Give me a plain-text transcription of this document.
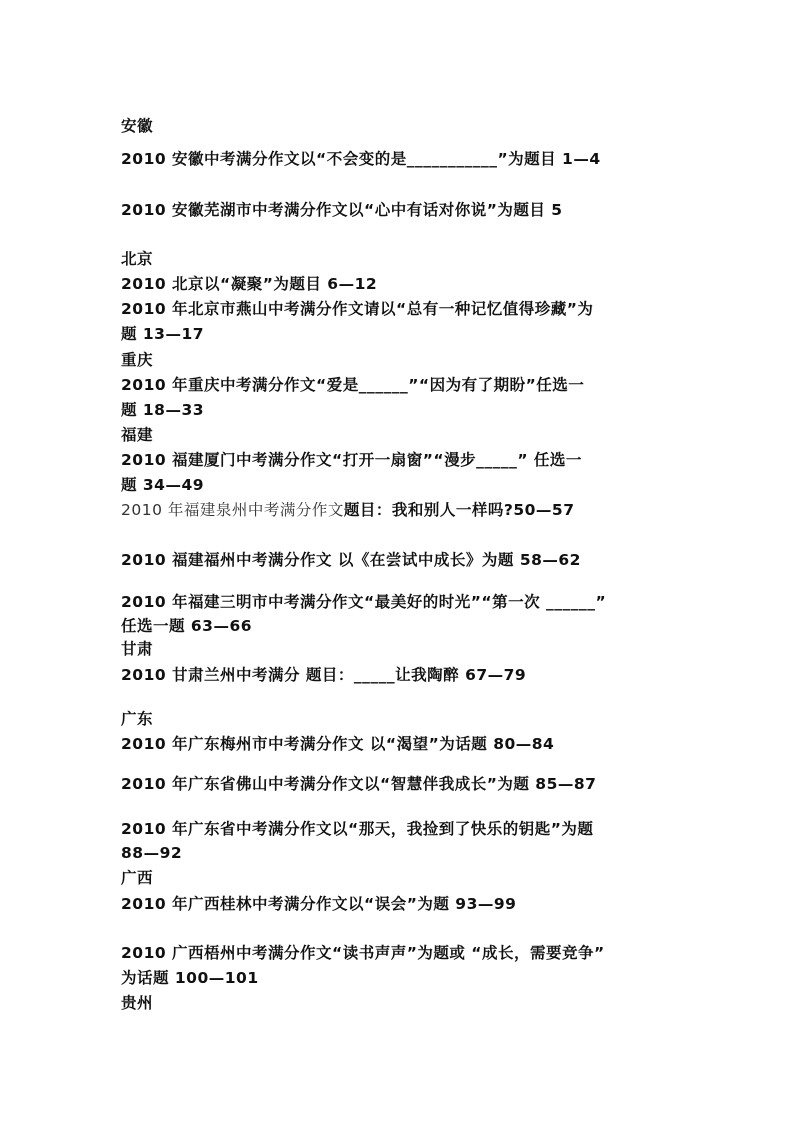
安徽
2010 安徽中考满分作文以“不会变的是___________”为题目 1—4
2010 安徽芜湖市中考满分作文以“心中有话对你说”为题目 5
北京
2010 北京以“凝聚”为题目 6—12
2010 年北京市燕山中考满分作文请以“总有一种记忆值得珍藏”为
题 13—17
重庆
2010 年重庆中考满分作文“爱是______”“因为有了期盼”任选一
题 18—33
福建
2010 福建厦门中考满分作文“打开一扇窗”“漫步_____” 任选一
题 34—49
2010 年福建泉州中考满分作文题目：我和别人一样吗?50—57
2010 福建福州中考满分作文 以《在尝试中成长》为题 58—62
2010 年福建三明市中考满分作文“最美好的时光”“第一次 ______”
任选一题 63—66
甘肃
2010 甘肃兰州中考满分 题目：_____让我陶醉 67—79
广东
2010 年广东梅州市中考满分作文 以“渴望”为话题 80—84
2010 年广东省佛山中考满分作文以“智慧伴我成长”为题 85—87
2010 年广东省中考满分作文以“那天，我捡到了快乐的钥匙”为题
88—92
广西
2010 年广西桂林中考满分作文以“误会”为题 93—99
2010 广西梧州中考满分作文“读书声声”为题或 “成长，需要竞争”
为话题 100—101
贵州
